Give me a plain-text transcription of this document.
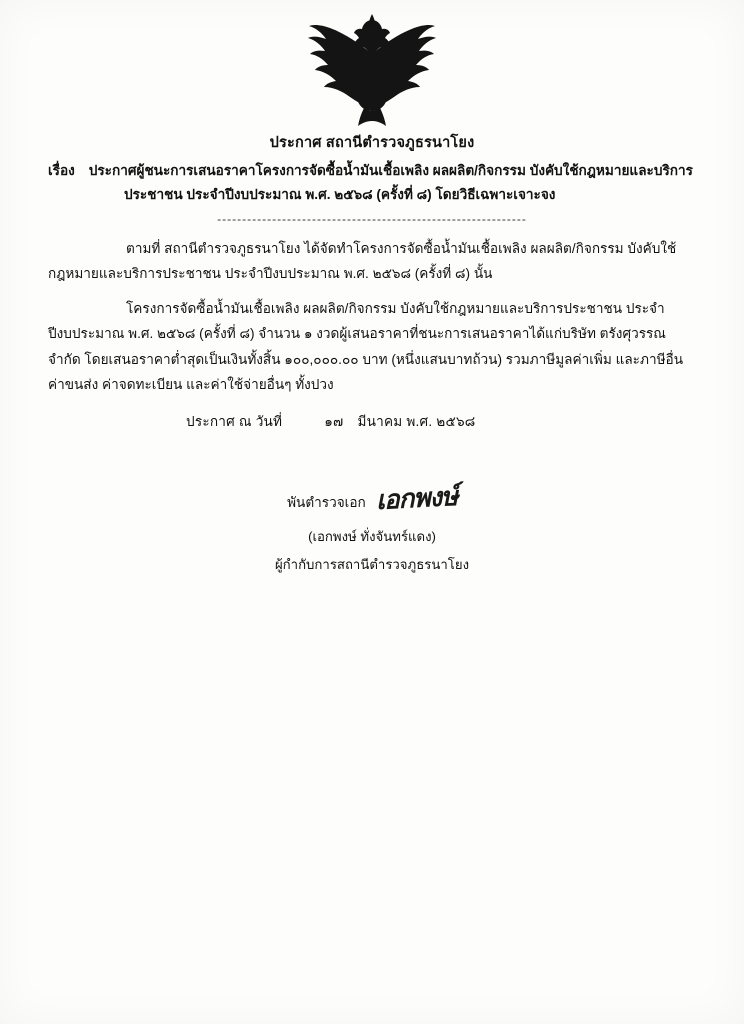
ประกาศ สถานีตำรวจภูธรนาโยง
เรื่อง ประกาศผู้ชนะการเสนอราคาโครงการจัดซื้อน้ำมันเชื้อเพลิง ผลผลิต/กิจกรรม บังคับใช้กฎหมายและบริการ
ประชาชน ประจำปีงบประมาณ พ.ศ. ๒๕๖๘ (ครั้งที่ ๘) โดยวิธีเฉพาะเจาะจง
--------------------------------------------------------------
ตามที่ สถานีตำรวจภูธรนาโยง ได้จัดทำโครงการจัดซื้อน้ำมันเชื้อเพลิง ผลผลิต/กิจกรรม บังคับใช้กฎหมายและบริการประชาชน ประจำปีงบประมาณ พ.ศ. ๒๕๖๘ (ครั้งที่ ๘) นั้น
โครงการจัดซื้อน้ำมันเชื้อเพลิง ผลผลิต/กิจกรรม บังคับใช้กฎหมายและบริการประชาชน ประจำปีงบประมาณ พ.ศ. ๒๕๖๘ (ครั้งที่ ๘) จำนวน ๑ งวดผู้เสนอราคาที่ชนะการเสนอราคาได้แก่บริษัท ตรังศุวรรณ จำกัด โดยเสนอราคาต่ำสุดเป็นเงินทั้งสิ้น ๑๐๐,๐๐๐.๐๐ บาท (หนึ่งแสนบาทถ้วน) รวมภาษีมูลค่าเพิ่ม และภาษีอื่น ค่าขนส่ง ค่าจดทะเบียน และค่าใช้จ่ายอื่นๆ ทั้งปวง
ประกาศ ณ วันที่	๑๗ มีนาคม พ.ศ. ๒๕๖๘
พันตำรวจเอก เอกพงษ์
(เอกพงษ์ ทั่งจันทร์แดง)
ผู้กำกับการสถานีตำรวจภูธรนาโยง
